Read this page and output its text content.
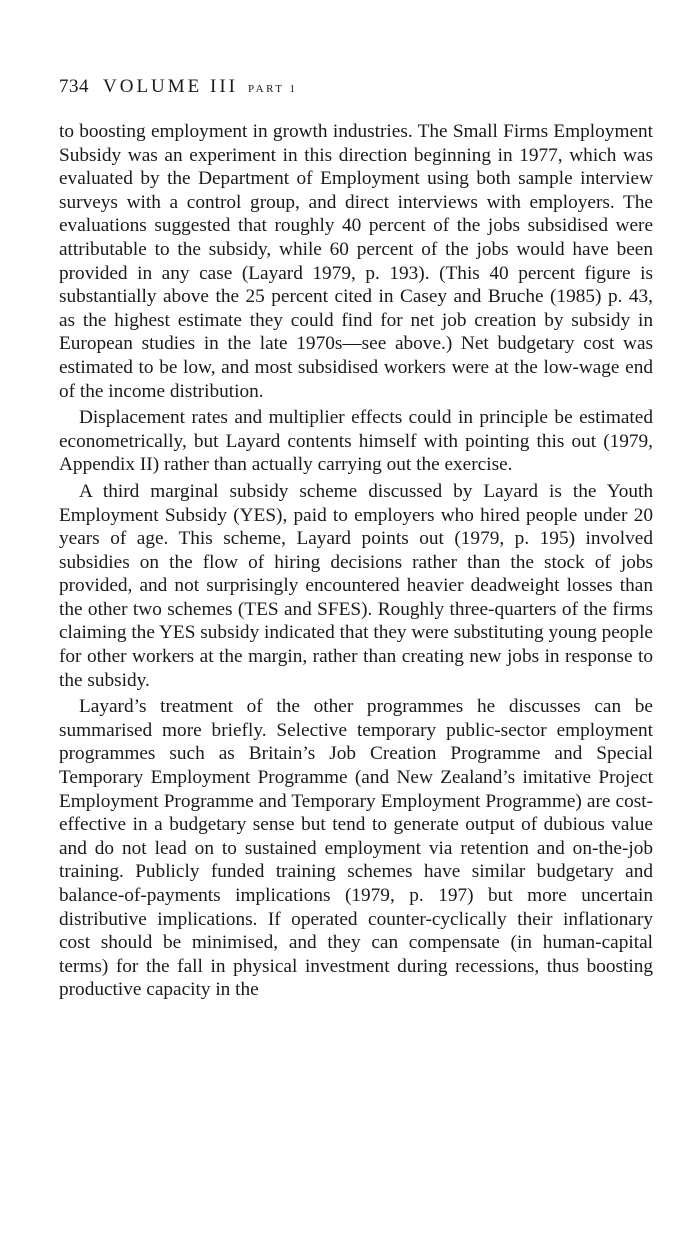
734 VOLUME III PART 1

to boosting employment in growth industries. The Small Firms Employment Subsidy was an experiment in this direction beginning in 1977, which was evaluated by the Department of Employment using both sample interview surveys with a control group, and direct interviews with employers. The evaluations suggested that roughly 40 percent of the jobs subsidised were attributable to the subsidy, while 60 percent of the jobs would have been provided in any case (Layard 1979, p. 193). (This 40 percent figure is substantially above the 25 percent cited in Casey and Bruche (1985) p. 43, as the highest estimate they could find for net job creation by subsidy in European studies in the late 1970s—see above.) Net budgetary cost was estimated to be low, and most subsidised workers were at the low-wage end of the income distribution.

Displacement rates and multiplier effects could in principle be estimated econometrically, but Layard contents himself with pointing this out (1979, Appendix II) rather than actually carrying out the exercise.

A third marginal subsidy scheme discussed by Layard is the Youth Employment Subsidy (YES), paid to employers who hired people under 20 years of age. This scheme, Layard points out (1979, p. 195) involved subsidies on the flow of hiring decisions rather than the stock of jobs provided, and not surprisingly encountered heavier deadweight losses than the other two schemes (TES and SFES). Roughly three-quarters of the firms claiming the YES subsidy indicated that they were substituting young people for other workers at the margin, rather than creating new jobs in response to the subsidy.

Layard’s treatment of the other programmes he discusses can be summarised more briefly. Selective temporary public-sector employment programmes such as Britain’s Job Creation Programme and Special Temporary Employment Programme (and New Zealand’s imitative Project Employment Programme and Temporary Employment Programme) are cost-effective in a budgetary sense but tend to generate output of dubious value and do not lead on to sustained employment via retention and on-the-job training. Publicly funded training schemes have similar budgetary and balance-of-payments implications (1979, p. 197) but more uncertain distributive implications. If operated counter-cyclically their inflationary cost should be minimised, and they can compensate (in human-capital terms) for the fall in physical investment during recessions, thus boosting productive capacity in the
